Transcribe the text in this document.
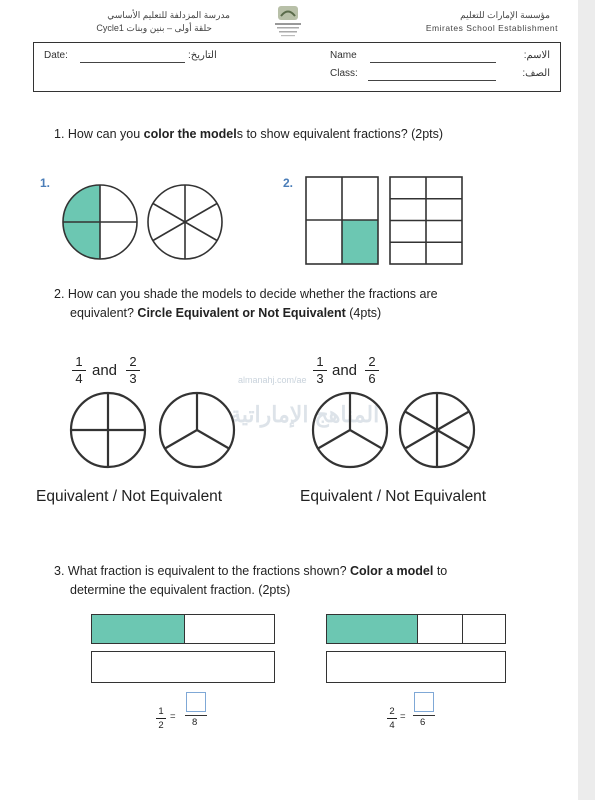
مدرسة المزدلفة للتعليم الأساسي
حلقة أولى – بنين وبنات Cycle1
مؤسسة الإمارات للتعليم
Emirates School Establishment
Date:	التاريخ:	Name	الاسم:
Class:	الصف:
1. How can you color the models to show equivalent fractions? (2pts)
1.	2.
2. How can you shade the models to decide whether the fractions are
equivalent? Circle Equivalent or Not Equivalent (4pts)
1
4 and
2
3
1
3 and
2
6
almanahj.com/ae
المناهج الإماراتية
Equivalent / Not Equivalent	Equivalent / Not Equivalent
3. What fraction is equivalent to the fractions shown? Color a model to
determine the equivalent fraction. (2pts)
1
2
=
8
2
4
=
6
